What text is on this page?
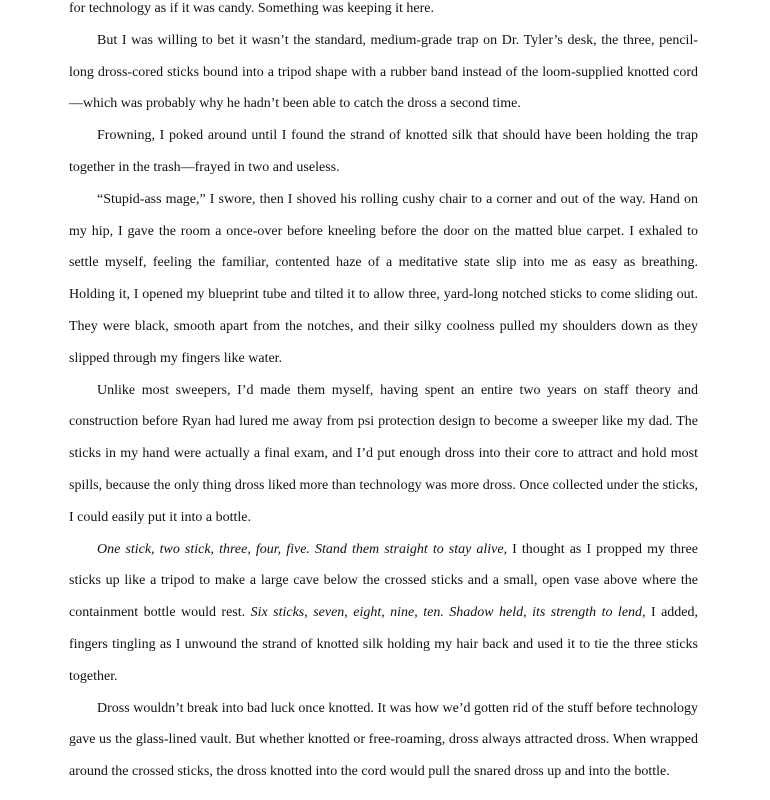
for technology as if it was candy. Something was keeping it here.

But I was willing to bet it wasn’t the standard, medium-grade trap on Dr. Tyler’s desk, the three, pencil-long dross-cored sticks bound into a tripod shape with a rubber band instead of the loom-supplied knotted cord—which was probably why he hadn’t been able to catch the dross a second time.

Frowning, I poked around until I found the strand of knotted silk that should have been holding the trap together in the trash—frayed in two and useless.

“Stupid-ass mage,” I swore, then I shoved his rolling cushy chair to a corner and out of the way. Hand on my hip, I gave the room a once-over before kneeling before the door on the matted blue carpet. I exhaled to settle myself, feeling the familiar, contented haze of a meditative state slip into me as easy as breathing. Holding it, I opened my blueprint tube and tilted it to allow three, yard-long notched sticks to come sliding out. They were black, smooth apart from the notches, and their silky coolness pulled my shoulders down as they slipped through my fingers like water.

Unlike most sweepers, I’d made them myself, having spent an entire two years on staff theory and construction before Ryan had lured me away from psi protection design to become a sweeper like my dad. The sticks in my hand were actually a final exam, and I’d put enough dross into their core to attract and hold most spills, because the only thing dross liked more than technology was more dross. Once collected under the sticks, I could easily put it into a bottle.

One stick, two stick, three, four, five. Stand them straight to stay alive, I thought as I propped my three sticks up like a tripod to make a large cave below the crossed sticks and a small, open vase above where the containment bottle would rest. Six sticks, seven, eight, nine, ten. Shadow held, its strength to lend, I added, fingers tingling as I unwound the strand of knotted silk holding my hair back and used it to tie the three sticks together.

Dross wouldn’t break into bad luck once knotted. It was how we’d gotten rid of the stuff before technology gave us the glass-lined vault. But whether knotted or free-roaming, dross always attracted dross. When wrapped around the crossed sticks, the dross knotted into the cord would pull the snared dross up and into the bottle.
